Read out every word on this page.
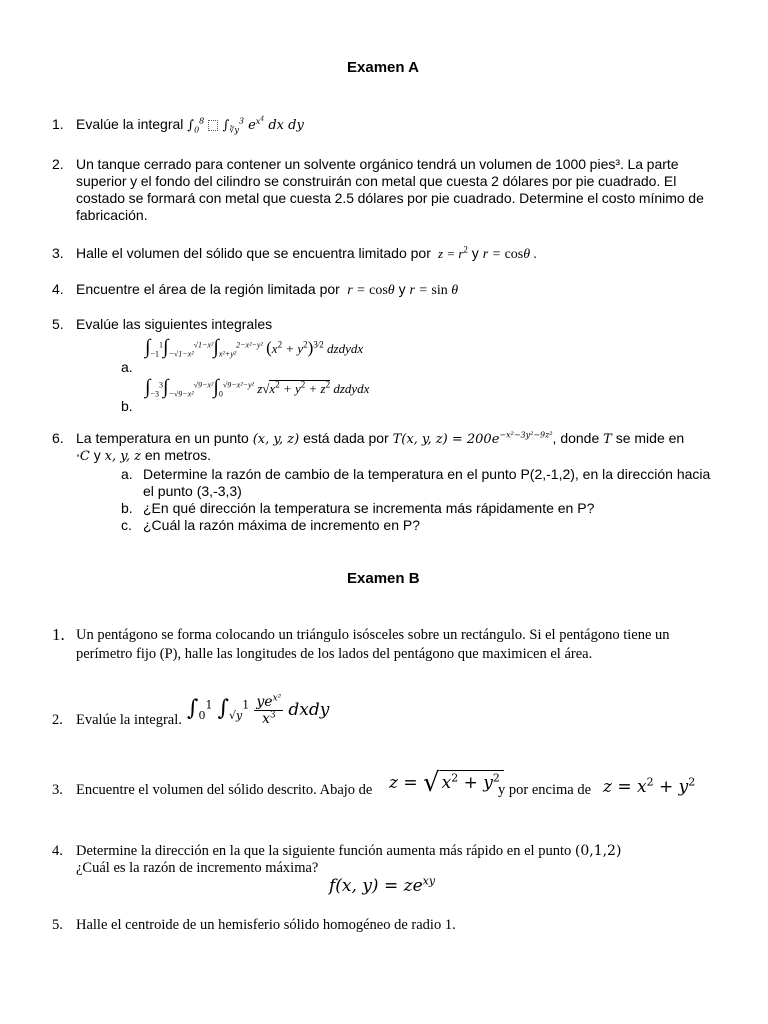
Examen A
1. Evalúe la integral $\int_0^8$  $\int_{∛y}^3$ $e^{x^4}$ dx dy
2. Un tanque cerrado para contener un solvente orgánico tendrá un volumen de 1000 pies³. La parte superior y el fondo del cilindro se construirán con metal que cuesta 2 dólares por pie cuadrado. El costado se formará con metal que cuesta 2.5 dólares por pie cuadrado. Determine el costo mínimo de fabricación.
3. Halle el volumen del sólido que se encuentra limitado por  $z = r^2$ y r = cosθ .
4. Encuentre el área de la región limitada por  r = cosθ y r = sin θ
5. Evalúe las siguientes integrales
a.
$\int_{-1}^1\int_{-√1-x^2}^{√1-x^2}\int_{x^2+y^2}^{2-x^2-y^2}$ $(x^2 + y^2)^{3⁄2}$ dzdydx
b.
$\int_{-3}^3\int_{-√9-x^2}^{√9-x^2}\int_0^{√9-x^2-y^2}$ $z√x^2 + y^2 + z^2$ dzdydx
6. La temperatura en un punto (x, y, z) está dada por T(x, y, $z) = 200e^{-x^2-3y^2-9z^2}$, donde T se mide en
∘C y x, y, z en metros.
a. Determine la razón de cambio de la temperatura en el punto P(2,-1,2), en la dirección hacia
el punto (3,-3,3)
b. ¿En qué dirección la temperatura se incrementa más rápidamente en P?
c. ¿Cuál la razón máxima de incremento en P?
Examen B
1. Un pentágono se forma colocando un triángulo isósceles sobre un rectángulo. Si el pentágono tiene un perímetro fijo (P), halle las longitudes de los lados del pentágono que maximicen el área.
2. Evalúe la integral. $\int_0^1$ $\int_{√y}^1$ $ye^{x^2}$
$x^3$ dxdy
3. Encuentre el volumen del sólido descrito. Abajo de z = √ $x^2 + y^2$
y por encima de $z = x^2 + y^2$
4. Determine la dirección en la que la siguiente función aumenta más rápido en el punto (0,1,2)
¿Cuál es la razón de incremento máxima?
f(x, $y) = ze^{xy}$
5. Halle el centroide de un hemisferio sólido homogéneo de radio 1.
